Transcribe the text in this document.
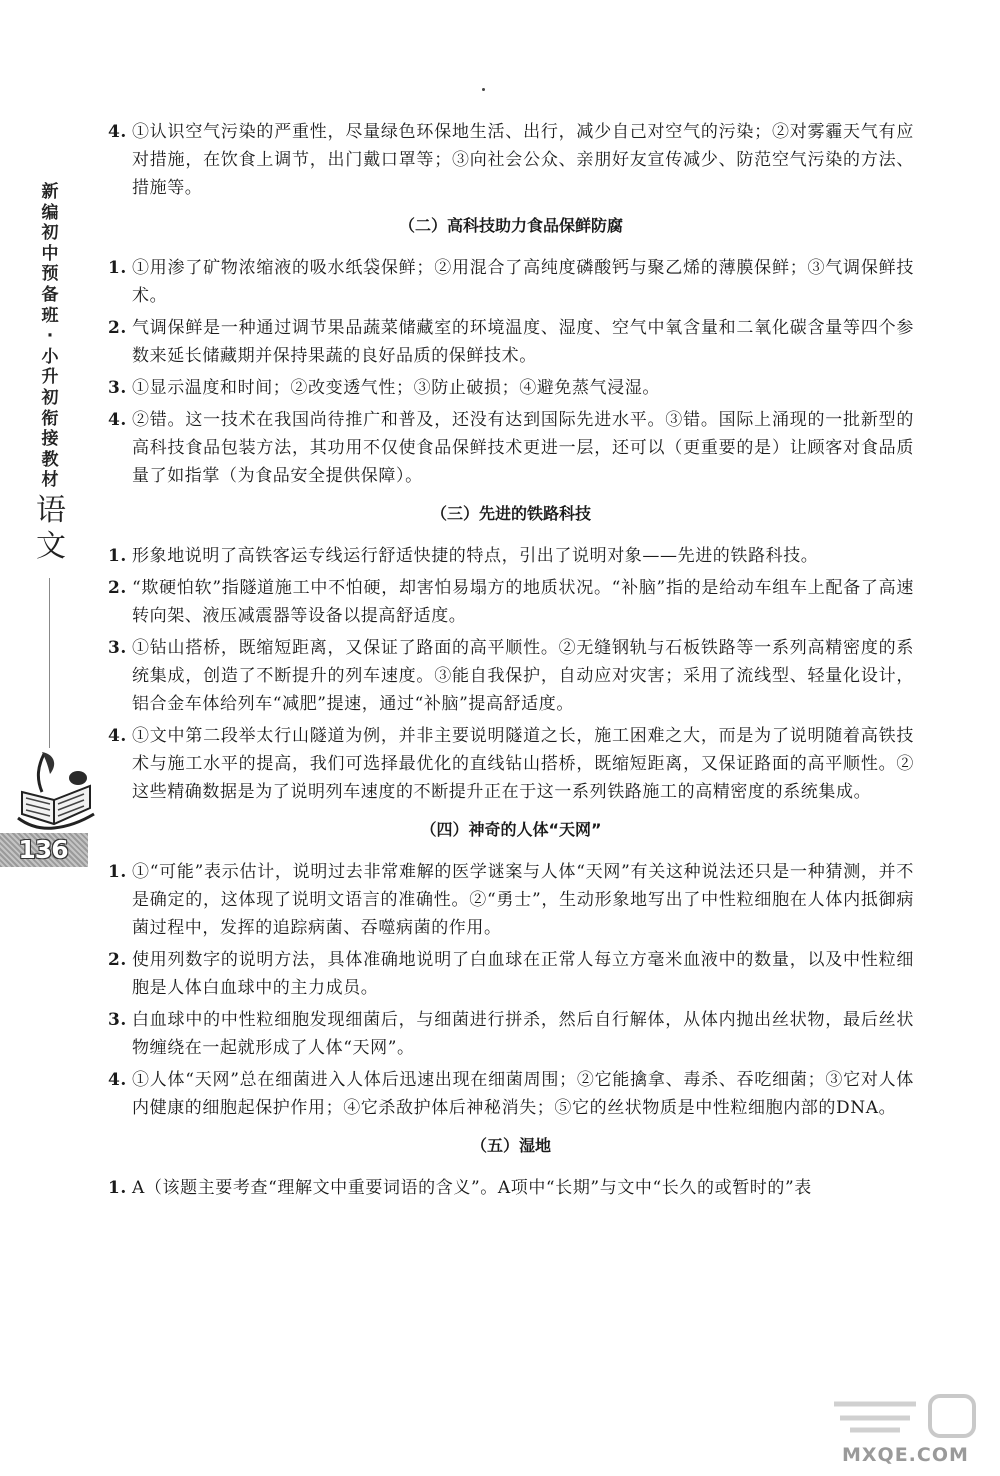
新
编
初
中
预
备
班
·
小
升
初
衔
接
教
材
语文
136
4. ①认识空气污染的严重性，尽量绿色环保地生活、出行，减少自己对空气的污染；②对雾霾天气有应对措施，在饮食上调节，出门戴口罩等；③向社会公众、亲朋好友宣传减少、防范空气污染的方法、措施等。
（二）高科技助力食品保鲜防腐
1. ①用渗了矿物浓缩液的吸水纸袋保鲜；②用混合了高纯度磷酸钙与聚乙烯的薄膜保鲜；③气调保鲜技术。
2. 气调保鲜是一种通过调节果品蔬菜储藏室的环境温度、湿度、空气中氧含量和二氧化碳含量等四个参数来延长储藏期并保持果蔬的良好品质的保鲜技术。
3. ①显示温度和时间；②改变透气性；③防止破损；④避免蒸气浸湿。
4. ②错。这一技术在我国尚待推广和普及，还没有达到国际先进水平。③错。国际上涌现的一批新型的高科技食品包装方法，其功用不仅使食品保鲜技术更进一层，还可以（更重要的是）让顾客对食品质量了如指掌（为食品安全提供保障）。
（三）先进的铁路科技
1. 形象地说明了高铁客运专线运行舒适快捷的特点，引出了说明对象——先进的铁路科技。
2. “欺硬怕软”指隧道施工中不怕硬，却害怕易塌方的地质状况。“补脑”指的是给动车组车上配备了高速转向架、液压减震器等设备以提高舒适度。
3. ①钻山搭桥，既缩短距离，又保证了路面的高平顺性。②无缝钢轨与石板铁路等一系列高精密度的系统集成，创造了不断提升的列车速度。③能自我保护，自动应对灾害；采用了流线型、轻量化设计，铝合金车体给列车“减肥”提速，通过“补脑”提高舒适度。
4. ①文中第二段举太行山隧道为例，并非主要说明隧道之长，施工困难之大，而是为了说明随着高铁技术与施工水平的提高，我们可选择最优化的直线钻山搭桥，既缩短距离，又保证路面的高平顺性。②这些精确数据是为了说明列车速度的不断提升正在于这一系列铁路施工的高精密度的系统集成。
（四）神奇的人体“天网”
1. ①“可能”表示估计，说明过去非常难解的医学谜案与人体“天网”有关这种说法还只是一种猜测，并不是确定的，这体现了说明文语言的准确性。②“勇士”，生动形象地写出了中性粒细胞在人体内抵御病菌过程中，发挥的追踪病菌、吞噬病菌的作用。
2. 使用列数字的说明方法，具体准确地说明了白血球在正常人每立方毫米血液中的数量，以及中性粒细胞是人体白血球中的主力成员。
3. 白血球中的中性粒细胞发现细菌后，与细菌进行拼杀，然后自行解体，从体内抛出丝状物，最后丝状物缠绕在一起就形成了人体“天网”。
4. ①人体“天网”总在细菌进入人体后迅速出现在细菌周围；②它能擒拿、毒杀、吞吃细菌；③它对人体内健康的细胞起保护作用；④它杀敌护体后神秘消失；⑤它的丝状物质是中性粒细胞内部的DNA。
（五）湿地
1. A（该题主要考查“理解文中重要词语的含义”。A项中“长期”与文中“长久的或暂时的”表
MXQE.COM
